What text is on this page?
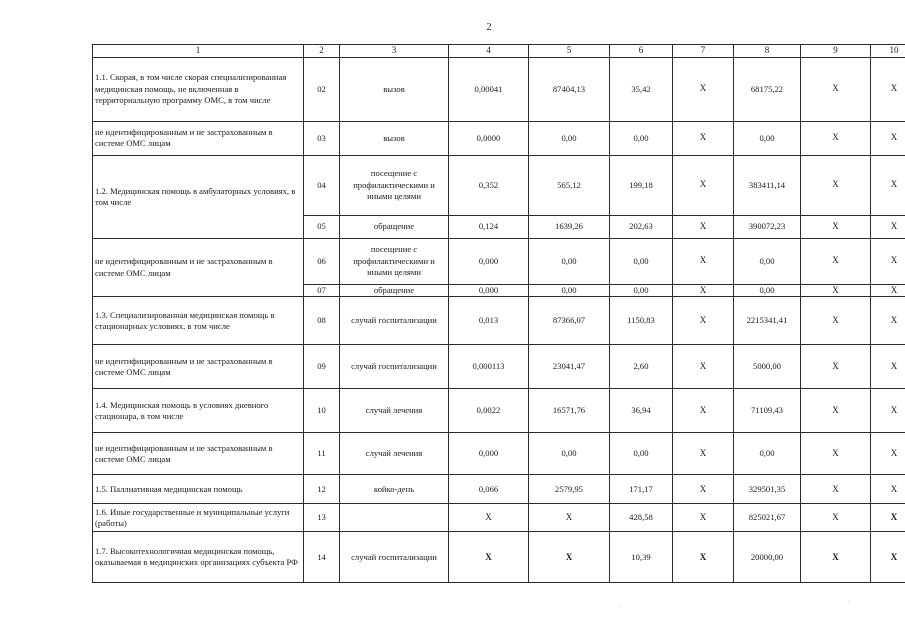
2
1	2	3	4	5	6	7	8	9	10
1.1. Скорая, в том числе скорая специализированная медицинская помощь, не включенная в территориальную программу ОМС, в том числе	02	вызов	0,00041	87404,13	35,42	Х	68175,22	Х	Х
не идентифицированным и не застрахованным в системе ОМС лицам	03	вызов	0,0000	0,00	0,00	Х	0,00	Х	Х
1.2. Медицинская помощь в амбулаторных условиях, в том числе	04	посещение с профилактическими и иными целями	0,352	565,12	199,18	Х	383411,14	Х	Х
	05	обращение	0,124	1639,26	202,63	Х	390072,23	Х	Х
не идентифицированным и не застрахованным в системе ОМС лицам	06	посещение с профилактическими и иными целями	0,000	0,00	0,00	Х	0,00	Х	Х
	07	обращение	0,000	0,00	0,00	Х	0,00	Х	Х
1.3. Специализированная медицинская помощь в стационарных условиях, в том числе	08	случай госпитализации	0,013	87366,07	1150,83	Х	2215341,41	Х	Х
не идентифицированным и не застрахованным в системе ОМС лицам	09	случай госпитализации	0,000113	23041,47	2,60	Х	5000,00	Х	Х
1.4. Медицинская помощь в условиях дневного стационара, в том числе	10	случай лечения	0,0022	16571,76	36,94	Х	71109,43	Х	Х
не идентифицированным и не застрахованным в системе ОМС лицам	11	случай лечения	0,000	0,00	0,00	Х	0,00	Х	Х
1.5. Паллиативная медицинская помощь	12	койко-день	0,066	2579,95	171,17	Х	329501,35	Х	Х
1.6. Иные государственные и муниципальные услуги (работы)	13		Х	Х	428,58	Х	825021,67	Х	Х
1.7. Высокотехнологичная медицинская помощь, оказываемая в медицинских организациях субъекта РФ	14	случай госпитализации	Х	Х	10,39	Х	20000,00	Х	Х
·
·
